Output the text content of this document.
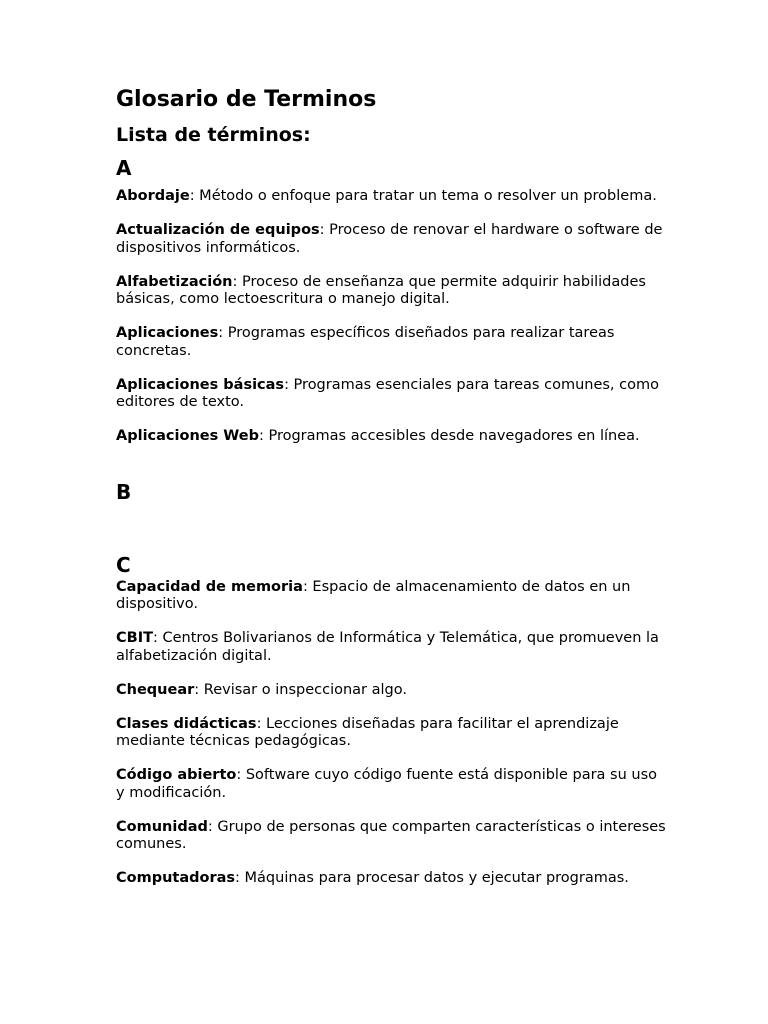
Glosario de Terminos
Lista de términos:
A

Abordaje: Método o enfoque para tratar un tema o resolver un problema.

Actualización de equipos: Proceso de renovar el hardware o software de dispositivos informáticos.

Alfabetización: Proceso de enseñanza que permite adquirir habilidades básicas, como lectoescritura o manejo digital.

Aplicaciones: Programas específicos diseñados para realizar tareas concretas.

Aplicaciones básicas: Programas esenciales para tareas comunes, como editores de texto.

Aplicaciones Web: Programas accesibles desde navegadores en línea.

B
C

Capacidad de memoria: Espacio de almacenamiento de datos en un dispositivo.

CBIT: Centros Bolivarianos de Informática y Telemática, que promueven la alfabetización digital.

Chequear: Revisar o inspeccionar algo.

Clases didácticas: Lecciones diseñadas para facilitar el aprendizaje mediante técnicas pedagógicas.

Código abierto: Software cuyo código fuente está disponible para su uso y modificación.

Comunidad: Grupo de personas que comparten características o intereses comunes.

Computadoras: Máquinas para procesar datos y ejecutar programas.
